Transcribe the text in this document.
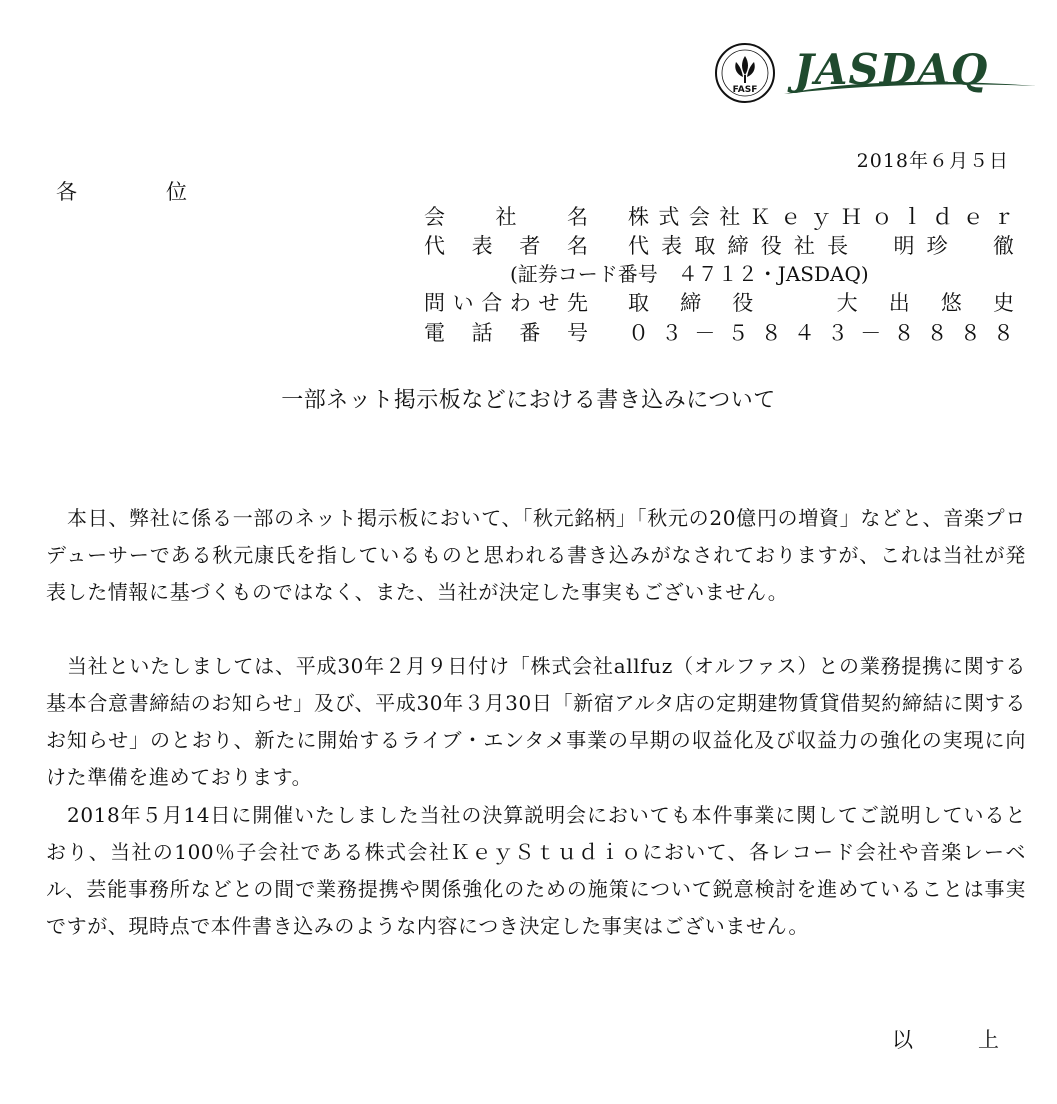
FASF JASDAQ
2018年６月５日
各　位
会社名 株式会社ＫｅｙＨｏｌｄｅｒ
代表者名 代表取締役社長　明珍　徹
(証券コード番号　４７１２・JASDAQ)
問い合わせ先 取締役　大出悠史
電話番号 ０３－５８４３－８８８８
一部ネット掲示板などにおける書き込みについて

本日、弊社に係る一部のネット掲示板において、「秋元銘柄」「秋元の20億円の増資」などと、音楽プロデューサーである秋元康氏を指しているものと思われる書き込みがなされておりますが、これは当社が発表した情報に基づくものではなく、また、当社が決定した事実もございません。

当社といたしましては、平成30年２月９日付け「株式会社allfuz（オルファス）との業務提携に関する基本合意書締結のお知らせ」及び、平成30年３月30日「新宿アルタ店の定期建物賃貸借契約締結に関するお知らせ」のとおり、新たに開始するライブ・エンタメ事業の早期の収益化及び収益力の強化の実現に向けた準備を進めております。

2018年５月14日に開催いたしました当社の決算説明会においても本件事業に関してご説明しているとおり、当社の100％子会社である株式会社ＫｅｙＳｔｕｄｉｏにおいて、各レコード会社や音楽レーベル、芸能事務所などとの間で業務提携や関係強化のための施策について鋭意検討を進めていることは事実ですが、現時点で本件書き込みのような内容につき決定した事実はございません。

以　上
